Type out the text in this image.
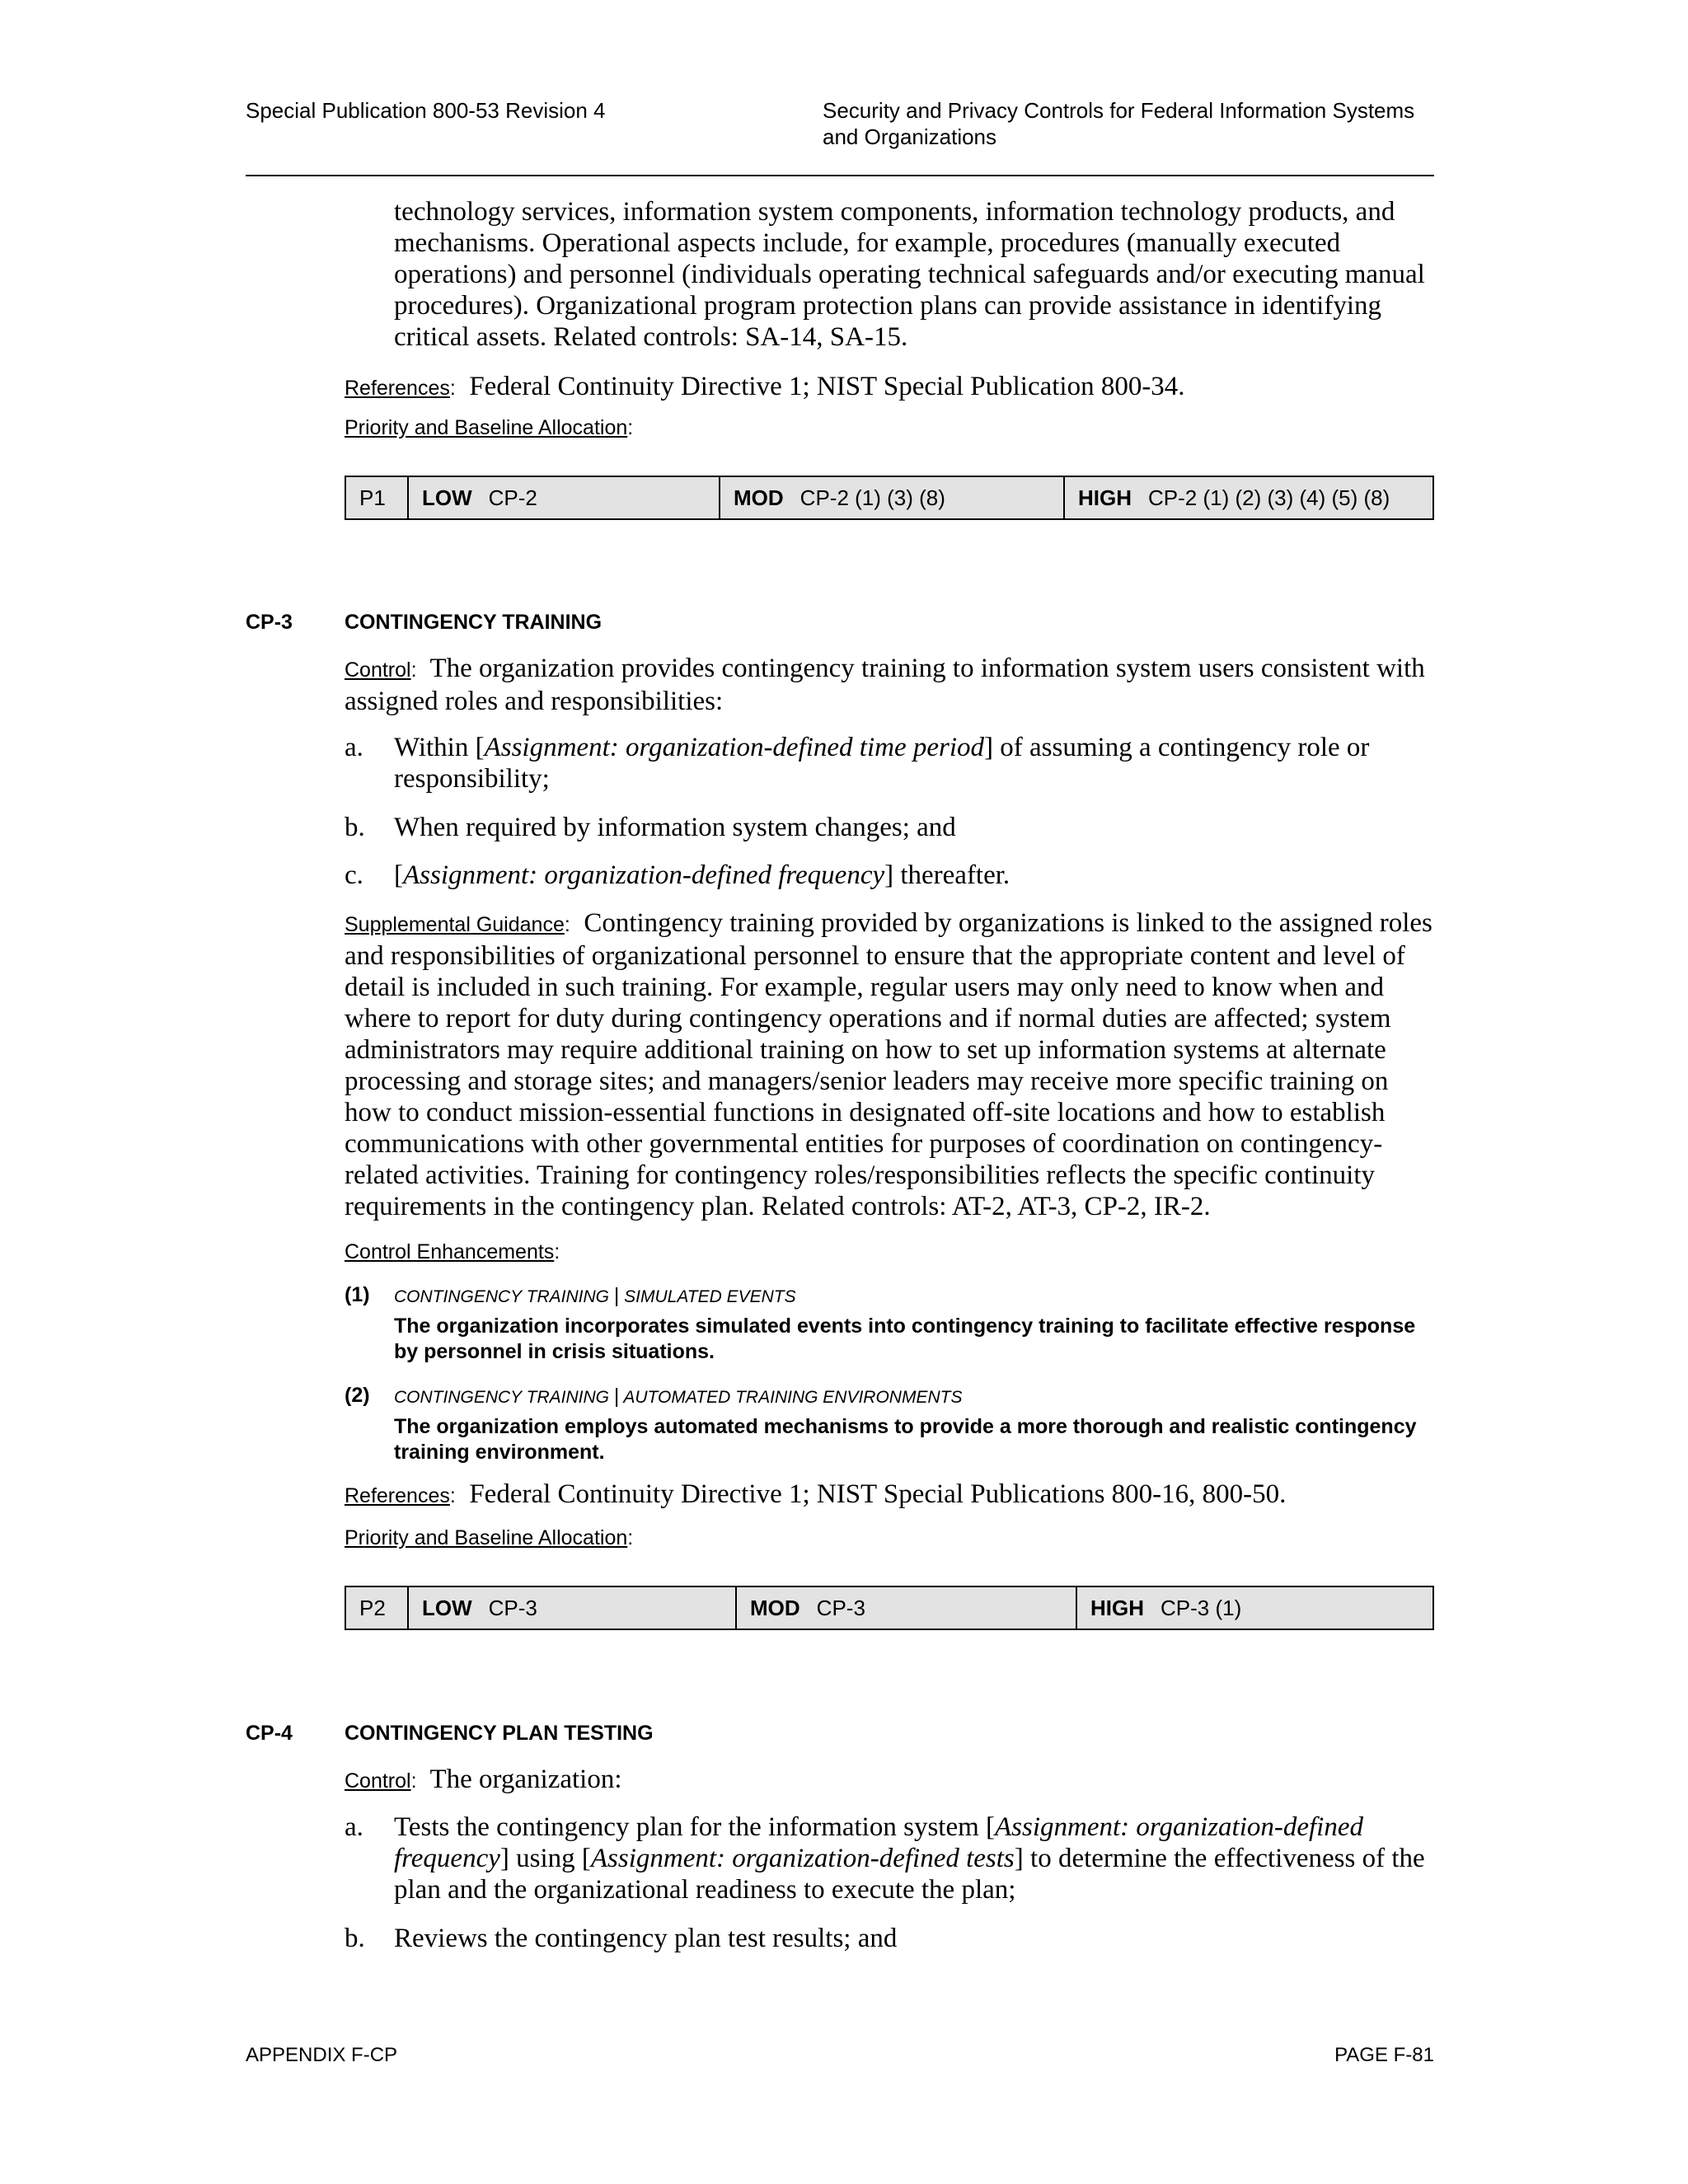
Special Publication 800-53 Revision 4	Security and Privacy Controls for Federal Information Systems
and Organizations
technology services, information system components, information technology products, and mechanisms. Operational aspects include, for example, procedures (manually executed operations) and personnel (individuals operating technical safeguards and/or executing manual procedures). Organizational program protection plans can provide assistance in identifying critical assets. Related controls: SA-14, SA-15.
References: Federal Continuity Directive 1; NIST Special Publication 800-34.
Priority and Baseline Allocation:
P1	LOW CP-2	MOD CP-2 (1) (3) (8)	HIGH CP-2 (1) (2) (3) (4) (5) (8)
CP-3	CONTINGENCY TRAINING
Control: The organization provides contingency training to information system users consistent with assigned roles and responsibilities:
a. Within [Assignment: organization-defined time period] of assuming a contingency role or responsibility;
b. When required by information system changes; and
c. [Assignment: organization-defined frequency] thereafter.
Supplemental Guidance: Contingency training provided by organizations is linked to the assigned roles and responsibilities of organizational personnel to ensure that the appropriate content and level of detail is included in such training. For example, regular users may only need to know when and where to report for duty during contingency operations and if normal duties are affected; system administrators may require additional training on how to set up information systems at alternate processing and storage sites; and managers/senior leaders may receive more specific training on how to conduct mission-essential functions in designated off-site locations and how to establish communications with other governmental entities for purposes of coordination on contingency-related activities. Training for contingency roles/responsibilities reflects the specific continuity requirements in the contingency plan. Related controls: AT-2, AT-3, CP-2, IR-2.
Control Enhancements:
(1) CONTINGENCY TRAINING | SIMULATED EVENTS
The organization incorporates simulated events into contingency training to facilitate effective response by personnel in crisis situations.
(2) CONTINGENCY TRAINING | AUTOMATED TRAINING ENVIRONMENTS
The organization employs automated mechanisms to provide a more thorough and realistic contingency training environment.
References: Federal Continuity Directive 1; NIST Special Publications 800-16, 800-50.
Priority and Baseline Allocation:
P2	LOW CP-3	MOD CP-3	HIGH CP-3 (1)
CP-4	CONTINGENCY PLAN TESTING
Control: The organization:
a. Tests the contingency plan for the information system [Assignment: organization-defined frequency] using [Assignment: organization-defined tests] to determine the effectiveness of the plan and the organizational readiness to execute the plan;
b. Reviews the contingency plan test results; and
APPENDIX F-CP	PAGE F-81
